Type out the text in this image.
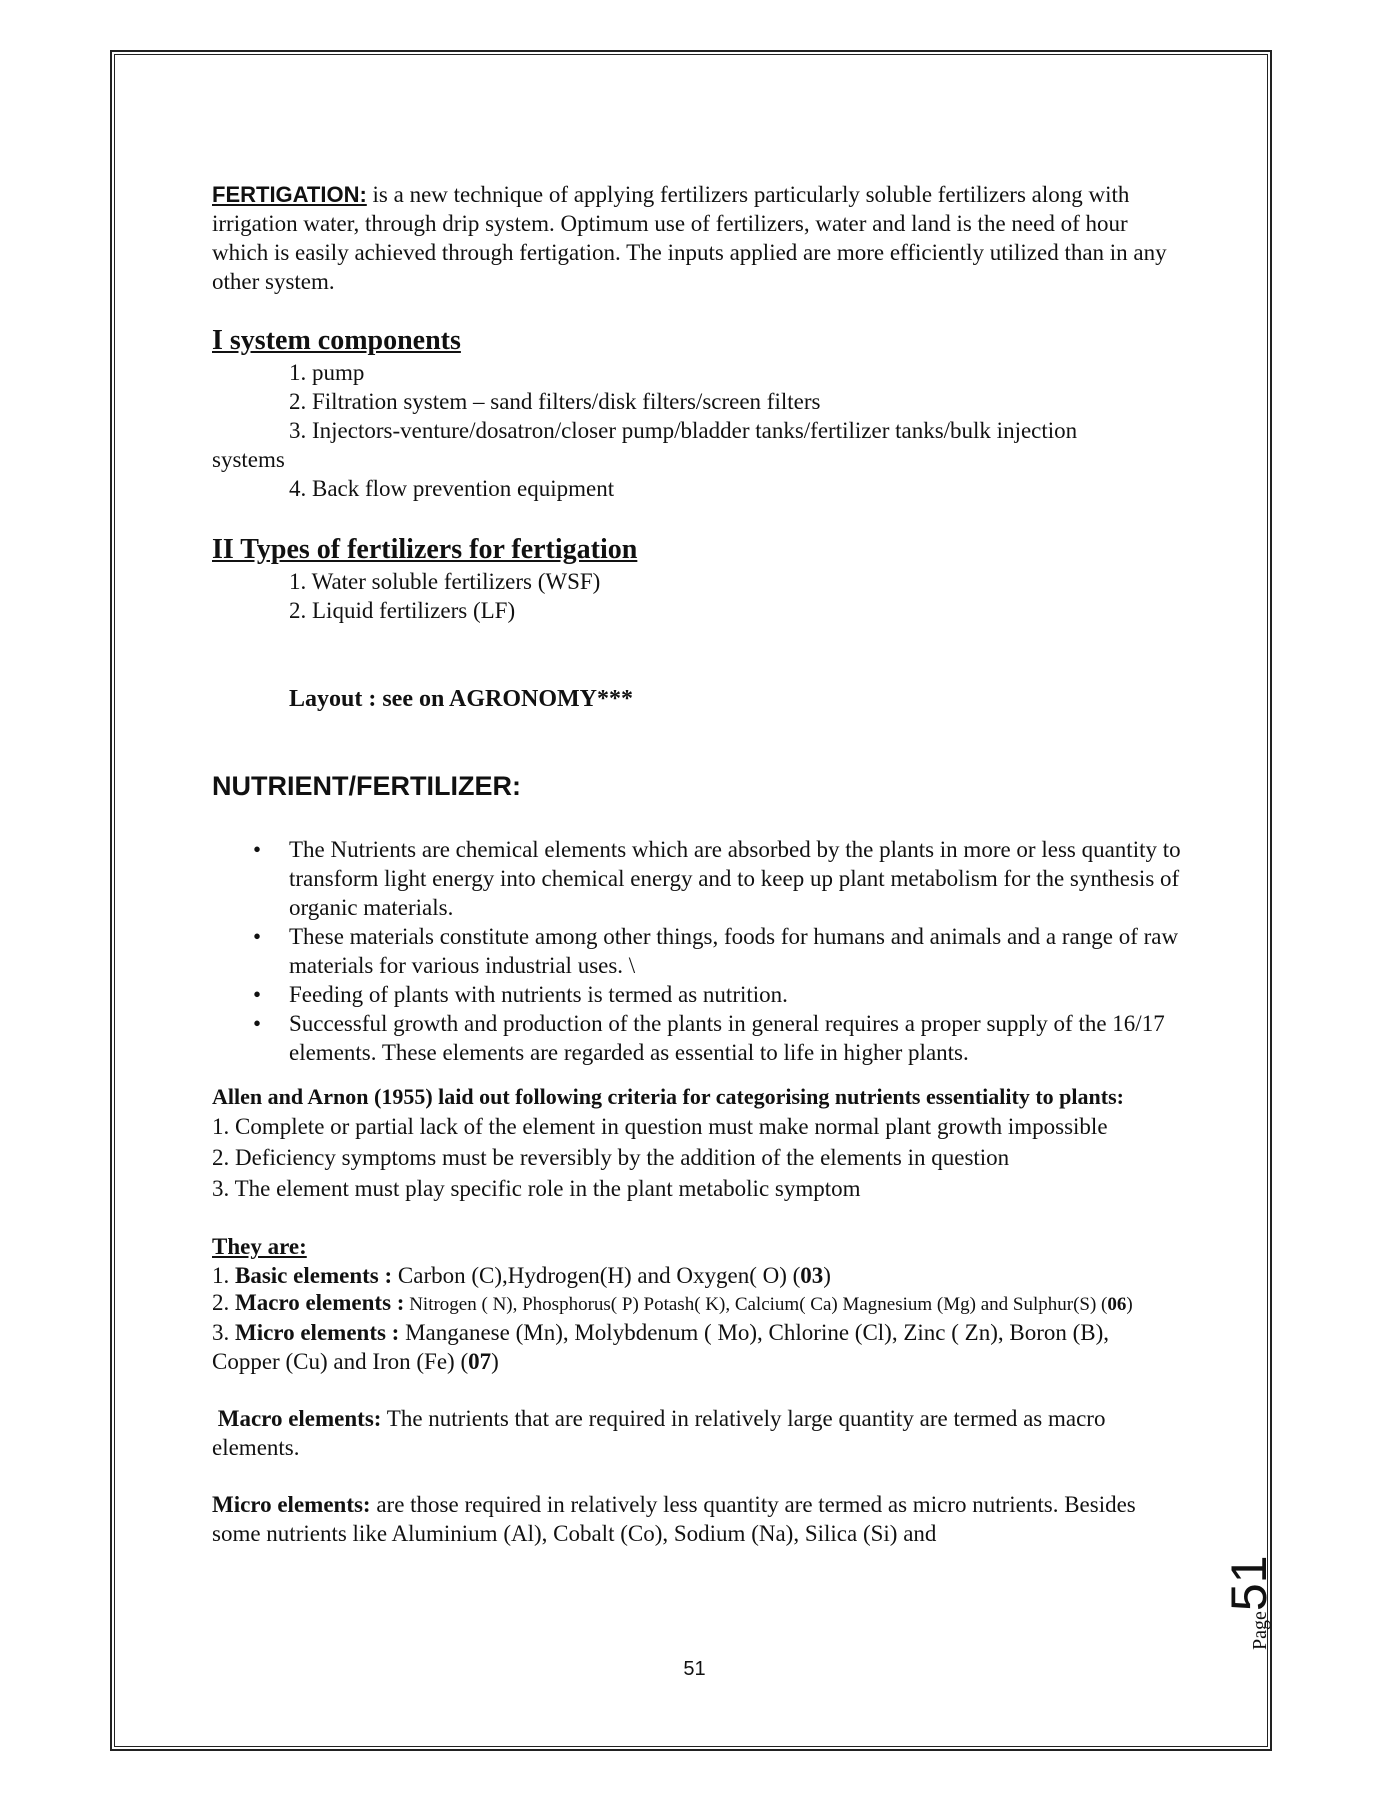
FERTIGATION: is a new technique of applying fertilizers particularly soluble fertilizers along with irrigation water, through drip system. Optimum use of fertilizers, water and land is the need of hour which is easily achieved through fertigation. The inputs applied are more efficiently utilized than in any other system.

I system components

1. pump

2. Filtration system – sand filters/disk filters/screen filters

3. Injectors-venture/dosatron/closer pump/bladder tanks/fertilizer tanks/bulk injection

systems

4. Back flow prevention equipment

II Types of fertilizers for fertigation

1. Water soluble fertilizers (WSF)

2. Liquid fertilizers (LF)

Layout : see on AGRONOMY***

NUTRIENT/FERTILIZER:
• The Nutrients are chemical elements which are absorbed by the plants in more or less quantity to transform light energy into chemical energy and to keep up plant metabolism for the synthesis of organic materials.
• These materials constitute among other things, foods for humans and animals and a range of raw materials for various industrial uses. \
• Feeding of plants with nutrients is termed as nutrition.
• Successful growth and production of the plants in general requires a proper supply of the 16/17 elements. These elements are regarded as essential to life in higher plants.

Allen and Arnon (1955) laid out following criteria for categorising nutrients essentiality to plants:

1. Complete or partial lack of the element in question must make normal plant growth impossible

2. Deficiency symptoms must be reversibly by the addition of the elements in question

3. The element must play specific role in the plant metabolic symptom

They are:

1. Basic elements : Carbon (C),Hydrogen(H) and Oxygen( O) (03)

2. Macro elements : Nitrogen ( N), Phosphorus( P) Potash( K), Calcium( Ca) Magnesium (Mg) and Sulphur(S) (06)

3. Micro elements : Manganese (Mn), Molybdenum ( Mo), Chlorine (Cl), Zinc ( Zn), Boron (B), Copper (Cu) and Iron (Fe) (07)

Macro elements: The nutrients that are required in relatively large quantity are termed as macro elements.

Micro elements: are those required in relatively less quantity are termed as micro nutrients. Besides some nutrients like Aluminium (Al), Cobalt (Co), Sodium (Na), Silica (Si) and

51
Page51
